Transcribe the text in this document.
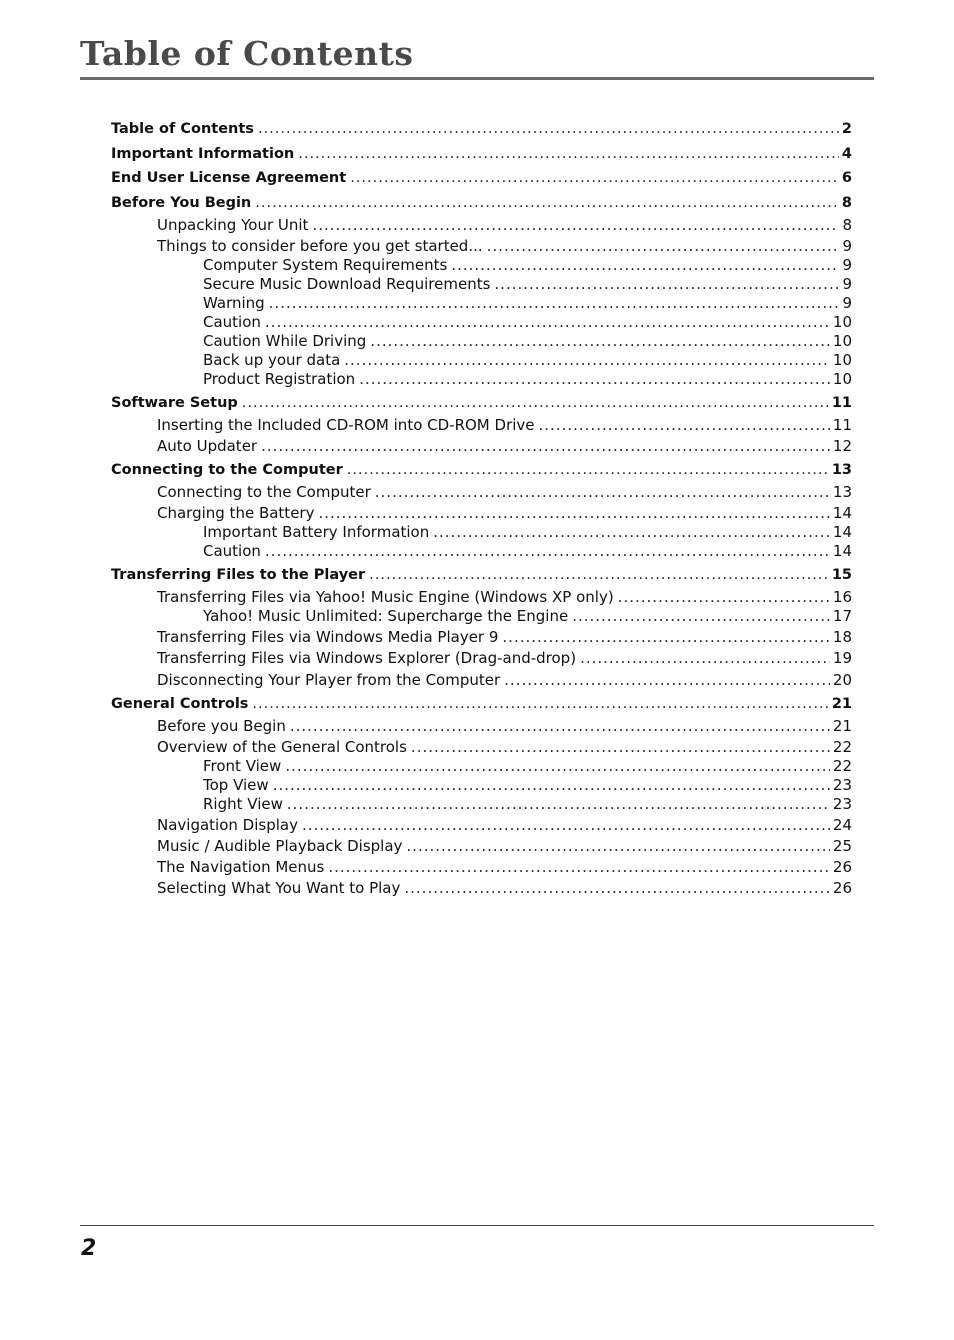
Table of Contents
Table of Contents .....	2
Important Information .....	4
End User License Agreement .....	6
Before You Begin .....	8
Unpacking Your Unit .....	8
Things to consider before you get started... .....	9
Computer System Requirements .....	9
Secure Music Download Requirements .....	9
Warning .....	9
Caution .....	10
Caution While Driving .....	10
Back up your data .....	10
Product Registration .....	10
Software Setup .....	11
Inserting the Included CD-ROM into CD-ROM Drive .....	11
Auto Updater .....	12
Connecting to the Computer .....	13
Connecting to the Computer .....	13
Charging the Battery .....	14
Important Battery Information .....	14
Caution .....	14
Transferring Files to the Player .....	15
Transferring Files via Yahoo! Music Engine (Windows XP only) .....	16
Yahoo! Music Unlimited: Supercharge the Engine .....	17
Transferring Files via Windows Media Player 9 .....	18
Transferring Files via Windows Explorer (Drag-and-drop) .....	19
Disconnecting Your Player from the Computer .....	20
General Controls .....	21
Before you Begin .....	21
Overview of the General Controls .....	22
Front View .....	22
Top View .....	23
Right View .....	23
Navigation Display .....	24
Music / Audible Playback Display .....	25
The Navigation Menus .....	26
Selecting What You Want to Play .....	26
2
